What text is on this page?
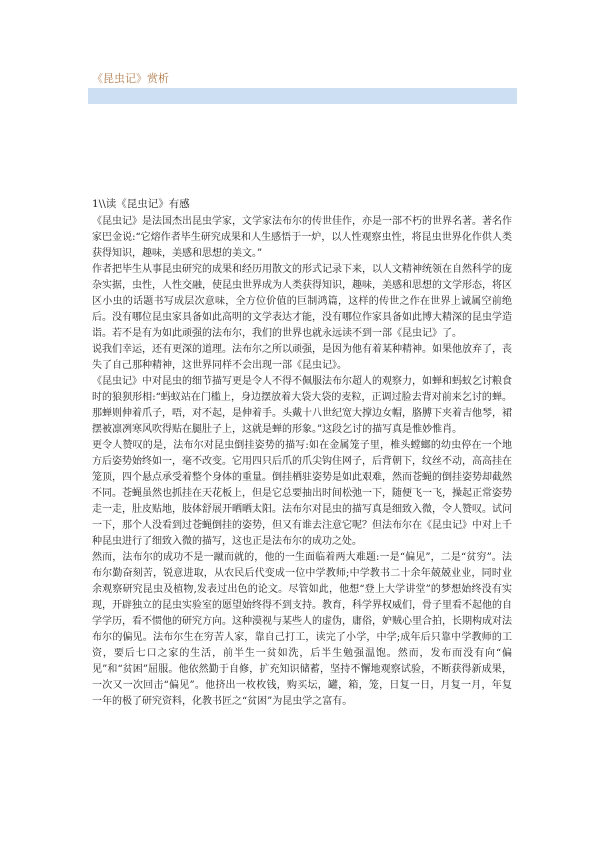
《昆虫记》赏析
1\\读《昆虫记》有感

《昆虫记》是法国杰出昆虫学家，文学家法布尔的传世佳作，亦是一部不朽的世界名著。著名作家巴金说:“它熔作者毕生研究成果和人生感悟于一炉，以人性观察虫性，将昆虫世界化作供人类获得知识，趣味，美感和思想的美文。”

作者把毕生从事昆虫研究的成果和经历用散文的形式记录下来，以人文精神统领在自然科学的庞杂实据，虫性，人性交融，使昆虫世界成为人类获得知识，趣味，美感和思想的文学形态，将区区小虫的话题书写成层次意味，全方位价值的巨制鸿篇，这样的传世之作在世界上诚属空前绝后。没有哪位昆虫家具备如此高明的文学表达才能，没有哪位作家具备如此博大精深的昆虫学造诣。若不是有为如此顽强的法布尔，我们的世界也就永远读不到一部《昆虫记》了。

说我们幸运，还有更深的道理。法布尔之所以顽强，是因为他有着某种精神。如果他放弃了，丧失了自己那种精神，这世界同样不会出现一部《昆虫记》。

《昆虫记》中对昆虫的细节描写更是令人不得不佩服法布尔超人的观察力，如蝉和蚂蚁乞讨粮食时的狼狈形相:“蚂蚁站在门槛上，身边摆放着大袋大袋的麦粒，正调过脸去背对前来乞讨的蝉。那蝉则伸着爪子，唔，对不起，是伸着手。头戴十八世纪宽大撑边女帽，胳膊下夹着吉他琴，裙摆被凛冽寒风吹得贴在腿肚子上，这就是蝉的形象。”这段乞讨的描写真是惟妙惟肖。

更令人赞叹的是，法布尔对昆虫倒挂姿势的描写:如在金属笼子里，椎头螳螂的幼虫停在一个地方后姿势始终如一，毫不改变。它用四只后爪的爪尖钩住网子，后背朝下，纹丝不动，高高挂在笼顶，四个悬点承受着整个身体的重量。倒挂栖驻姿势是如此艰难，然而苍蝇的倒挂姿势却截然不同。苍蝇虽然也抓挂在天花板上，但是它总要抽出时间松弛一下，随便飞一飞，操起正常姿势走一走，肚皮贴地，肢体舒展开晒晒太阳。法布尔对昆虫的描写真是细致入微，令人赞叹。试问一下，那个人没看到过苍蝇倒挂的姿势，但又有谁去注意它呢？但法布尔在《昆虫记》中对上千种昆虫进行了细致入微的描写，这也正是法布尔的成功之处。

然而，法布尔的成功不是一蹴而就的，他的一生面临着两大难题:一是“偏见”，二是“贫穷”。法布尔勤奋刻苦，锐意进取，从农民后代变成一位中学教师;中学教书二十余年兢兢业业，同时业余观察研究昆虫及植物,发表过出色的论文。尽管如此，他想“登上大学讲堂”的梦想始终没有实现，开辟独立的昆虫实验室的愿望始终得不到支持。教育，科学界权威们，骨子里看不起他的自学学历，看不惯他的研究方向。这种漠视与某些人的虚伪，庸俗，妒贼心里合拍，长期构成对法布尔的偏见。法布尔生在穷苦人家，靠自己打工，读完了小学，中学;成年后只靠中学教师的工资，要后七口之家的生活，前半生一贫如洗，后半生勉强温饱。然而，发布而没有向“偏见”和“贫困”屈服。他依然勤于自修，扩充知识储蓄，坚持不懈地观察试验，不断获得新成果，一次又一次回击“偏见”。他挤出一枚枚钱，购买坛，罐，箱，笼，日复一日，月复一月，年复一年的极了研究资料，化教书匠之“贫困”为昆虫学之富有。
